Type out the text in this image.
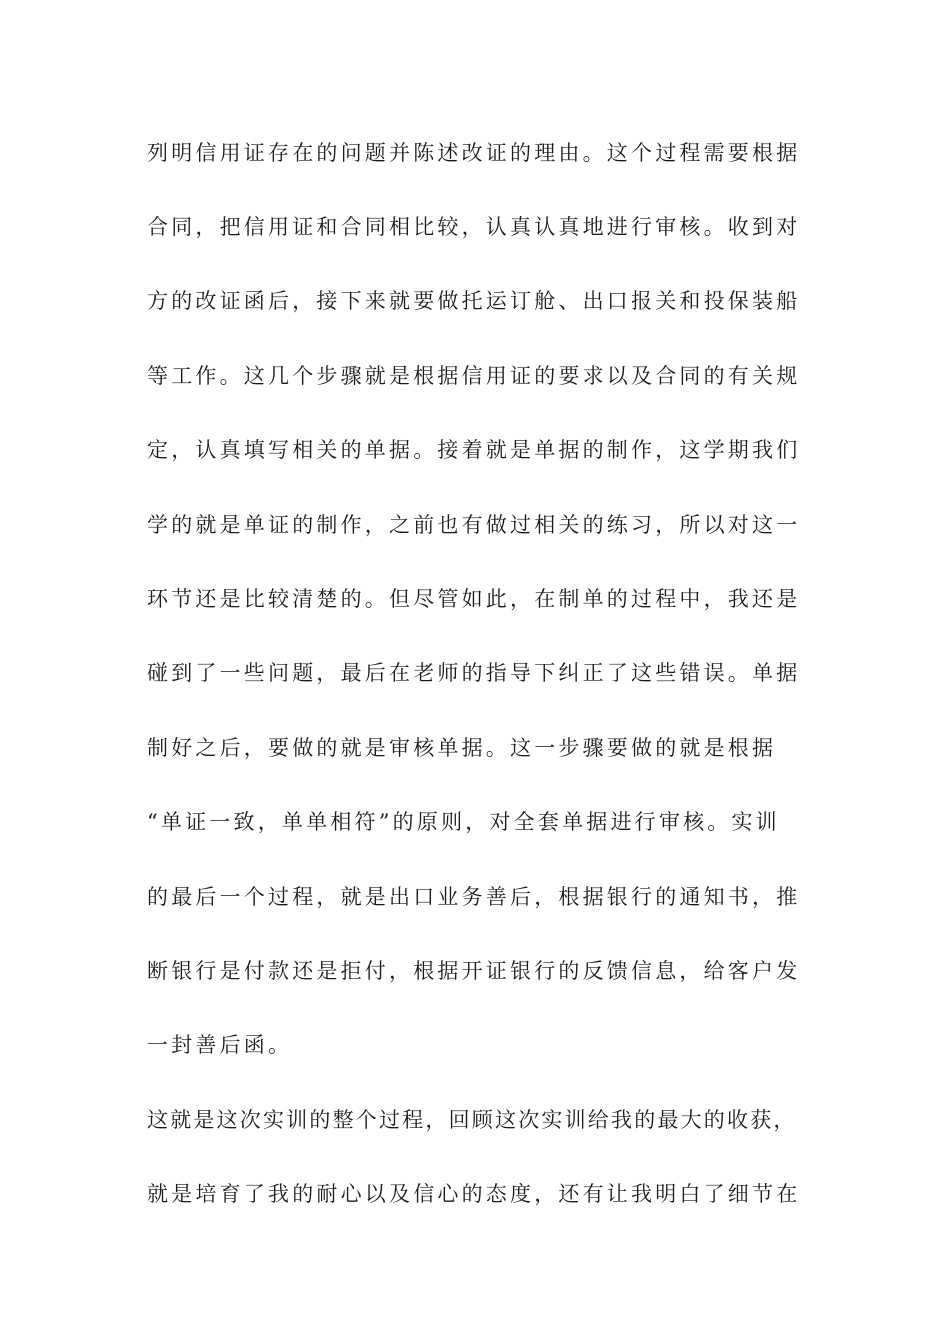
列明信用证存在的问题并陈述改证的理由。这个过程需要根据
合同，把信用证和合同相比较，认真认真地进行审核。收到对
方的改证函后，接下来就要做托运订舱、出口报关和投保装船
等工作。这几个步骤就是根据信用证的要求以及合同的有关规
定，认真填写相关的单据。接着就是单据的制作，这学期我们
学的就是单证的制作，之前也有做过相关的练习，所以对这一
环节还是比较清楚的。但尽管如此，在制单的过程中，我还是
碰到了一些问题，最后在老师的指导下纠正了这些错误。单据
制好之后，要做的就是审核单据。这一步骤要做的就是根据
“单证一致，单单相符”的原则，对全套单据进行审核。实训
的最后一个过程，就是出口业务善后，根据银行的通知书，推
断银行是付款还是拒付，根据开证银行的反馈信息，给客户发
一封善后函。
这就是这次实训的整个过程，回顾这次实训给我的最大的收获，
就是培育了我的耐心以及信心的态度，还有让我明白了细节在
